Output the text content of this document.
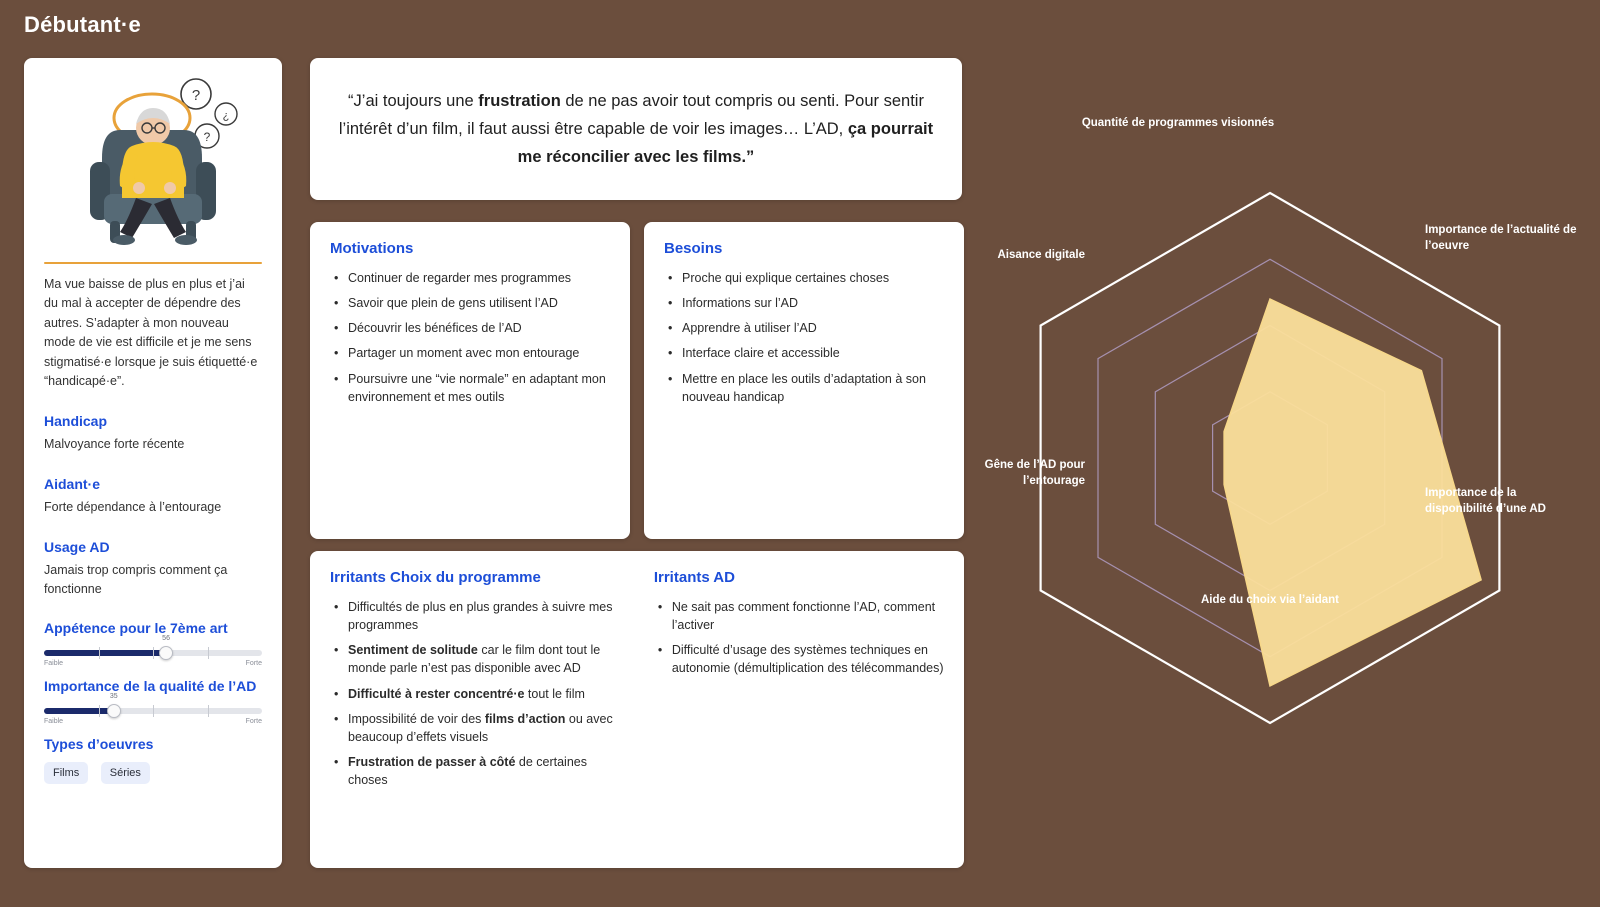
Débutant·e
?
¿
?

Ma vue baisse de plus en plus et j’ai du mal à accepter de dépendre des autres. S’adapter à mon nouveau mode de vie est difficile et je me sens stigmatisé·e lorsque je suis étiquetté·e “handicapé·e”.

Handicap
Malvoyance forte récente
Aidant·e
Forte dépendance à l’entourage
Usage AD
Jamais trop compris comment ça fonctionne
Appétence pour le 7ème art
56
Faible	Forte
Importance de la qualité de l’AD
35
Faible	Forte
Types d’oeuvres
Films	Séries
“J’ai toujours une frustration de ne pas avoir tout compris ou senti. Pour sentir l’intérêt d’un film, il faut aussi être capable de voir les images… L’AD, ça pourrait me réconcilier avec les films.”
Motivations
• Continuer de regarder mes programmes
• Savoir que plein de gens utilisent l’AD
• Découvrir les bénéfices de l’AD
• Partager un moment avec mon entourage
• Poursuivre une “vie normale” en adaptant mon environnement et mes outils
Besoins
• Proche qui explique certaines choses
• Informations sur l’AD
• Apprendre à utiliser l’AD
• Interface claire et accessible
• Mettre en place les outils d’adaptation à son nouveau handicap
Irritants Choix du programme
• Difficultés de plus en plus grandes à suivre mes programmes
• Sentiment de solitude car le film dont tout le monde parle n’est pas disponible avec AD
• Difficulté à rester concentré·e tout le film
• Impossibilité de voir des films d’action ou avec beaucoup d’effets visuels
• Frustration de passer à côté de certaines choses
Irritants AD
• Ne sait pas comment fonctionne l’AD, comment l’activer
• Difficulté d’usage des systèmes techniques en autonomie (démultiplication des télécommandes)
Quantité de programmes visionnés
Importance de l’actualité de l’oeuvre
Importance de la disponibilité d’une AD
Aide du choix via l’aidant
Gêne de l’AD pour l’entourage
Aisance digitale
